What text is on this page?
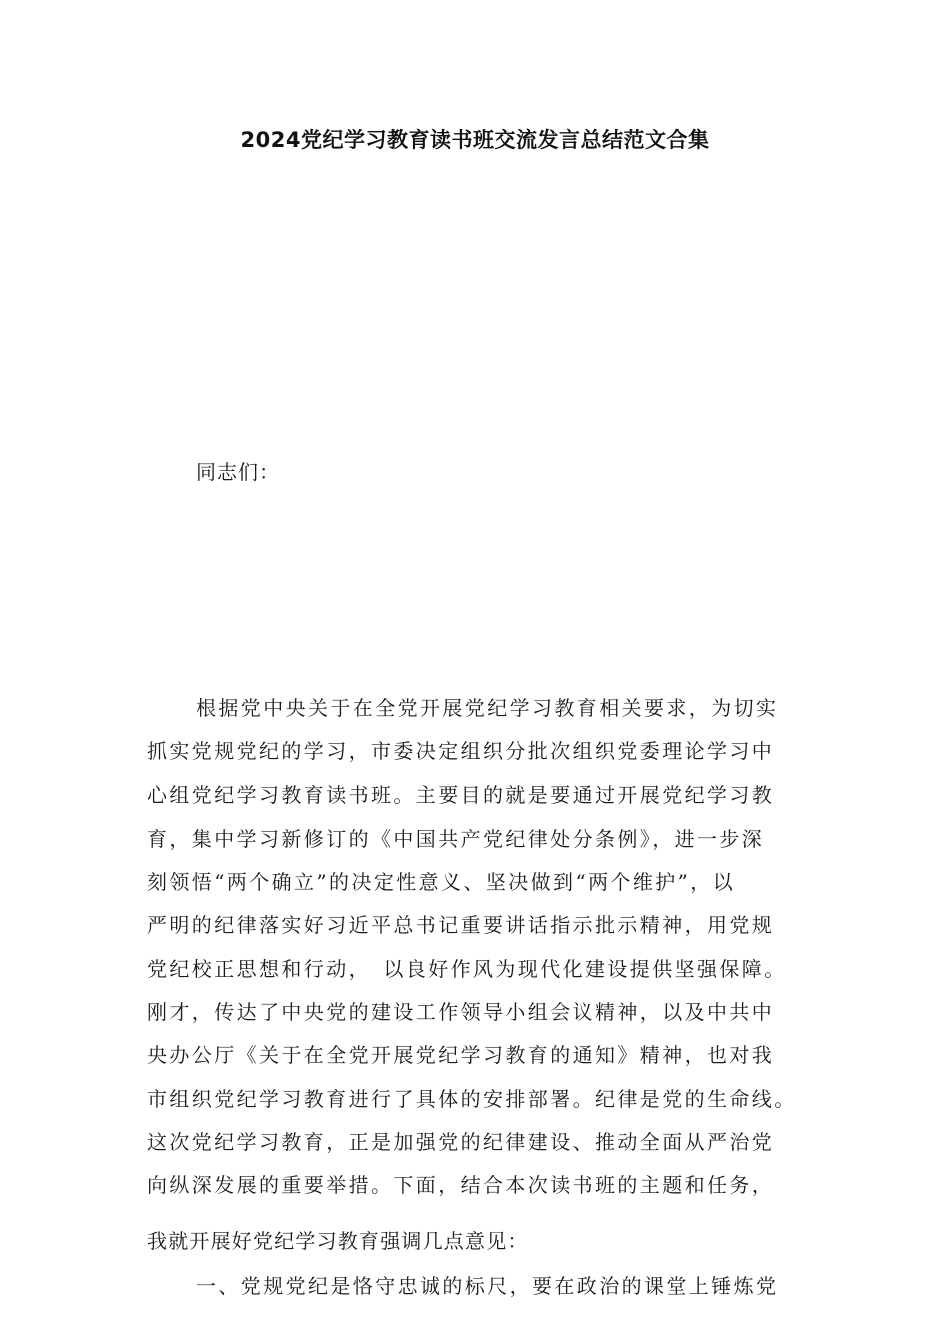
2024党纪学习教育读书班交流发言总结范文合集
同志们：
根据党中央关于在全党开展党纪学习教育相关要求，为切实
抓实党规党纪的学习，市委决定组织分批次组织党委理论学习中
心组党纪学习教育读书班。主要目的就是要通过开展党纪学习教
育，集中学习新修订的《中国共产党纪律处分条例》，进一步深
刻领悟“两个确立”的决定性意义、坚决做到“两个维护”，以
严明的纪律落实好习近平总书记重要讲话指示批示精神，用党规
党纪校正思想和行动，　以良好作风为现代化建设提供坚强保障。
刚才，传达了中央党的建设工作领导小组会议精神，以及中共中
央办公厅《关于在全党开展党纪学习教育的通知》精神，也对我
市组织党纪学习教育进行了具体的安排部署。纪律是党的生命线。
这次党纪学习教育，正是加强党的纪律建设、推动全面从严治党
向纵深发展的重要举措。下面，结合本次读书班的主题和任务，
我就开展好党纪学习教育强调几点意见：
一、党规党纪是恪守忠诚的标尺，要在政治的课堂上锤炼党
